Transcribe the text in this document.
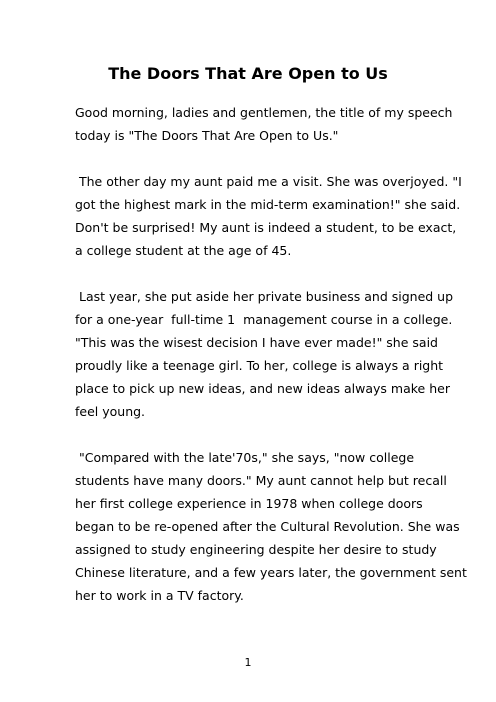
The Doors That Are Open to Us
Good morning, ladies and gentlemen, the title of my speech
today is "The Doors That Are Open to Us."
The other day my aunt paid me a visit. She was overjoyed. "I
got the highest mark in the mid-term examination!" she said.
Don't be surprised! My aunt is indeed a student, to be exact,
a college student at the age of 45.
Last year, she put aside her private business and signed up
for a one-year  full-time 1  management course in a college.
"This was the wisest decision I have ever made!" she said
proudly like a teenage girl. To her, college is always a right
place to pick up new ideas, and new ideas always make her
feel young.
"Compared with the late'70s," she says, "now college
students have many doors." My aunt cannot help but recall
her first college experience in 1978 when college doors
began to be re-opened after the Cultural Revolution. She was
assigned to study engineering despite her desire to study
Chinese literature, and a few years later, the government sent
her to work in a TV factory.
1
